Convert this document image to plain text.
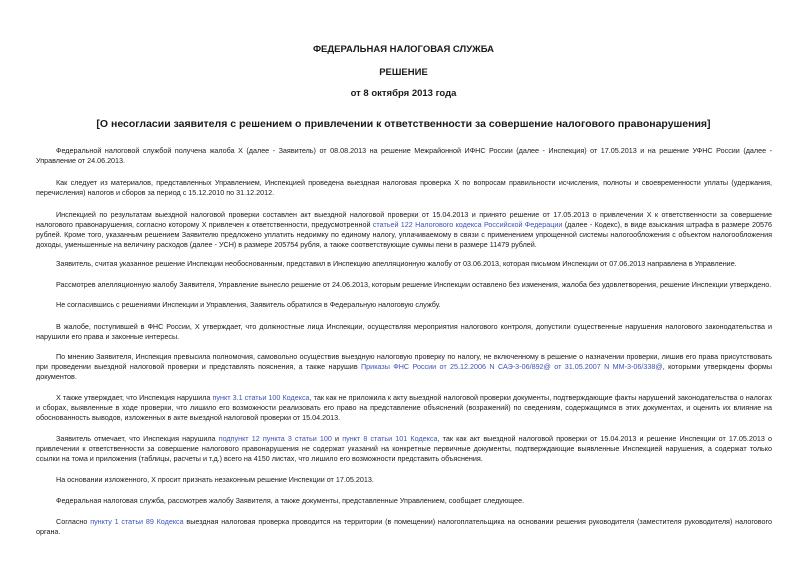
ФЕДЕРАЛЬНАЯ НАЛОГОВАЯ СЛУЖБА
РЕШЕНИЕ
от 8 октября 2013 года
[О несогласии заявителя с решением о привлечении к ответственности за совершение налогового правонарушения]

Федеральной налоговой службой получена жалоба Х (далее - Заявитель) от 08.08.2013 на решение Межрайонной ИФНС России (далее - Инспекция) от 17.05.2013 и на решение УФНС России (далее - Управление от 24.06.2013.

Как следует из материалов, представленных Управлением, Инспекцией проведена выездная налоговая проверка Х по вопросам правильности исчисления, полноты и своевременности уплаты (удержания, перечисления) налогов и сборов за период с 15.12.2010 по 31.12.2012.

Инспекцией по результатам выездной налоговой проверки составлен акт выездной налоговой проверки от 15.04.2013 и принято решение от 17.05.2013 о привлечении Х к ответственности за совершение налогового правонарушения, согласно которому Х привлечен к ответственности, предусмотренной статьей 122 Налогового кодекса Российской Федерации (далее - Кодекс), в виде взыскания штрафа в размере 20576 рублей. Кроме того, указанным решением Заявителю предложено уплатить недоимку по единому налогу, уплачиваемому в связи с применением упрощенной системы налогообложения с объектом налогообложения доходы, уменьшенные на величину расходов (далее - УСН) в размере 205754 рубля, а также соответствующие суммы пени в размере 11479 рублей.

Заявитель, считая указанное решение Инспекции необоснованным, представил в Инспекцию апелляционную жалобу от 03.06.2013, которая письмом Инспекции от 07.06.2013 направлена в Управление.

Рассмотрев апелляционную жалобу Заявителя, Управление вынесло решение от 24.06.2013, которым решение Инспекции оставлено без изменения, жалоба без удовлетворения, решение Инспекции утверждено.

Не согласившись с решениями Инспекции и Управления, Заявитель обратился в Федеральную налоговую службу.

В жалобе, поступившей в ФНС России, Х утверждает, что должностные лица Инспекции, осуществляя мероприятия налогового контроля, допустили существенные нарушения налогового законодательства и нарушили его права и законные интересы.

По мнению Заявителя, Инспекция превысила полномочия, самовольно осуществив выездную налоговую проверку по налогу, не включенному в решение о назначении проверки, лишив его права присутствовать при проведении выездной налоговой проверки и представлять пояснения, а также нарушив Приказы ФНС России от 25.12.2006 N САЭ-3-06/892@ от 31.05.2007 N ММ-3-06/338@, которыми утверждены формы документов.

Х также утверждает, что Инспекция нарушила пункт 3.1 статьи 100 Кодекса, так как не приложила к акту выездной налоговой проверки документы, подтверждающие факты нарушений законодательства о налогах и сборах, выявленные в ходе проверки, что лишило его возможности реализовать его право на представление объяснений (возражений) по сведениям, содержащимся в этих документах, и оценить их влияние на обоснованность выводов, изложенных в акте выездной налоговой проверки от 15.04.2013.

Заявитель отмечает, что Инспекция нарушила подпункт 12 пункта 3 статьи 100 и пункт 8 статьи 101 Кодекса, так как акт выездной налоговой проверки от 15.04.2013 и решение Инспекции от 17.05.2013 о привлечении к ответственности за совершение налогового правонарушения не содержат указаний на конкретные первичные документы, подтверждающие выявленные Инспекцией нарушения, а содержат только ссылки на тома и приложения (таблицы, расчеты и т.д.) всего на 4150 листах, что лишило его возможности представить объяснения.

На основании изложенного, Х просит признать незаконным решение Инспекции от 17.05.2013.

Федеральная налоговая служба, рассмотрев жалобу Заявителя, а также документы, представленные Управлением, сообщает следующее.

Согласно пункту 1 статьи 89 Кодекса выездная налоговая проверка проводится на территории (в помещении) налогоплательщика на основании решения руководителя (заместителя руководителя) налогового органа.
